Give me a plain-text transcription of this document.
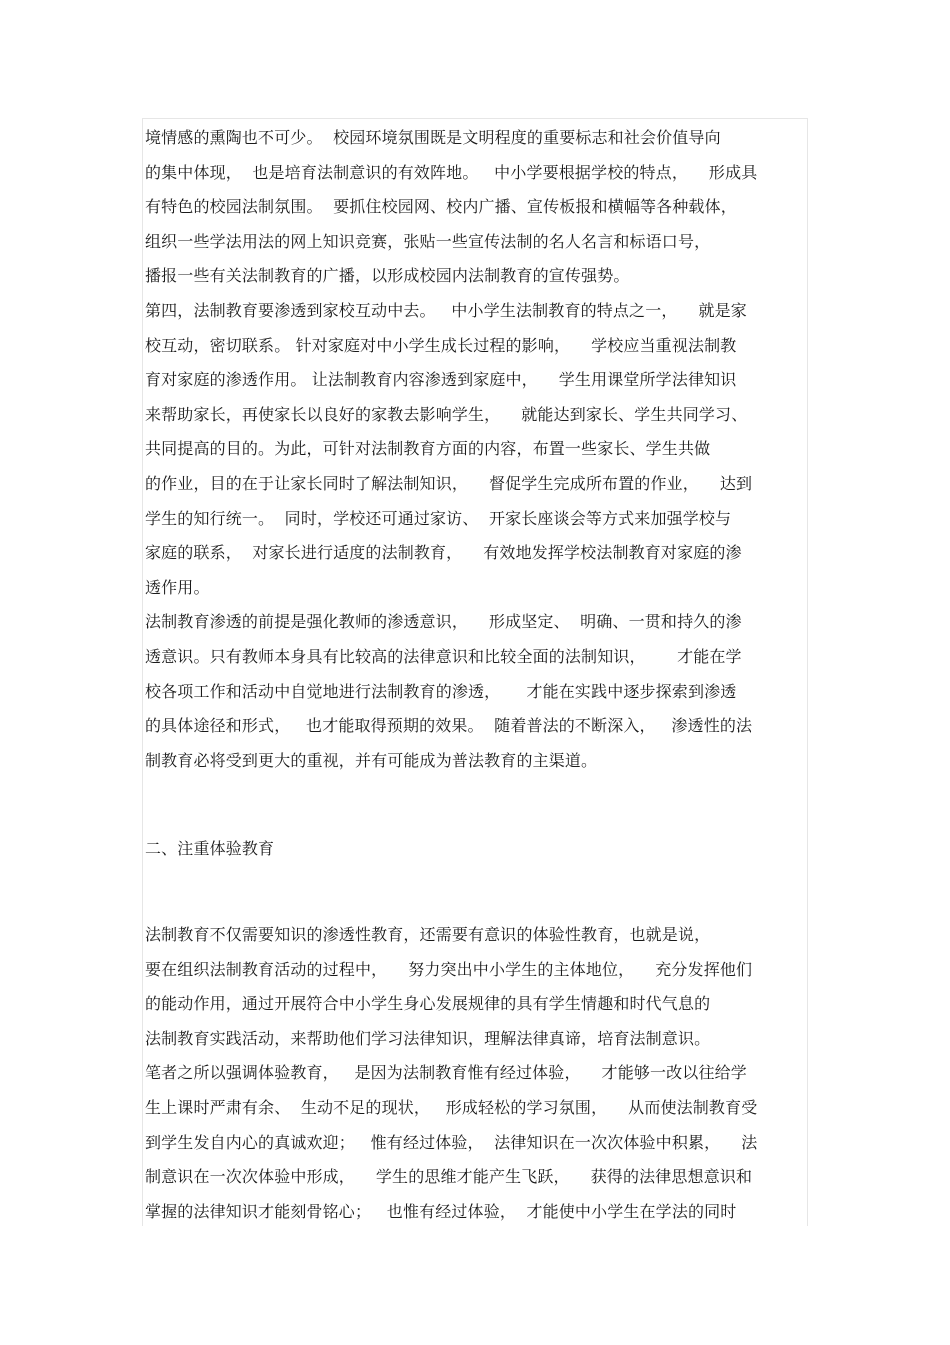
境情感的熏陶也不可少。  校园环境氛围既是文明程度的重要标志和社会价值导向
的集中体现，  也是培育法制意识的有效阵地。   中小学要根据学校的特点，    形成具
有特色的校园法制氛围。  要抓住校园网、校内广播、宣传板报和横幅等各种载体，
组织一些学法用法的网上知识竞赛，张贴一些宣传法制的名人名言和标语口号，
播报一些有关法制教育的广播，以形成校园内法制教育的宣传强势。
第四，法制教育要渗透到家校互动中去。   中小学生法制教育的特点之一，    就是家
校互动，密切联系。 针对家庭对中小学生成长过程的影响，    学校应当重视法制教
育对家庭的渗透作用。 让法制教育内容渗透到家庭中，    学生用课堂所学法律知识
来帮助家长，再使家长以良好的家教去影响学生，    就能达到家长、学生共同学习、
共同提高的目的。为此，可针对法制教育方面的内容，布置一些家长、学生共做
的作业，目的在于让家长同时了解法制知识，    督促学生完成所布置的作业，    达到
学生的知行统一。  同时，学校还可通过家访、  开家长座谈会等方式来加强学校与
家庭的联系，  对家长进行适度的法制教育，    有效地发挥学校法制教育对家庭的渗
透作用。
法制教育渗透的前提是强化教师的渗透意识，    形成坚定、  明确、一贯和持久的渗
透意识。只有教师本身具有比较高的法律意识和比较全面的法制知识，      才能在学
校各项工作和活动中自觉地进行法制教育的渗透，     才能在实践中逐步探索到渗透
的具体途径和形式，   也才能取得预期的效果。  随着普法的不断深入，   渗透性的法
制教育必将受到更大的重视，并有可能成为普法教育的主渠道。
二、注重体验教育
法制教育不仅需要知识的渗透性教育，还需要有意识的体验性教育，也就是说，
要在组织法制教育活动的过程中，    努力突出中小学生的主体地位，    充分发挥他们
的能动作用，通过开展符合中小学生身心发展规律的具有学生情趣和时代气息的
法制教育实践活动，来帮助他们学习法律知识，理解法律真谛，培育法制意识。
笔者之所以强调体验教育，   是因为法制教育惟有经过体验，    才能够一改以往给学
生上课时严肃有余、  生动不足的现状，   形成轻松的学习氛围，    从而使法制教育受
到学生发自内心的真诚欢迎；   惟有经过体验，  法律知识在一次次体验中积累，    法
制意识在一次次体验中形成，    学生的思维才能产生飞跃，    获得的法律思想意识和
掌握的法律知识才能刻骨铭心；   也惟有经过体验，  才能使中小学生在学法的同时
